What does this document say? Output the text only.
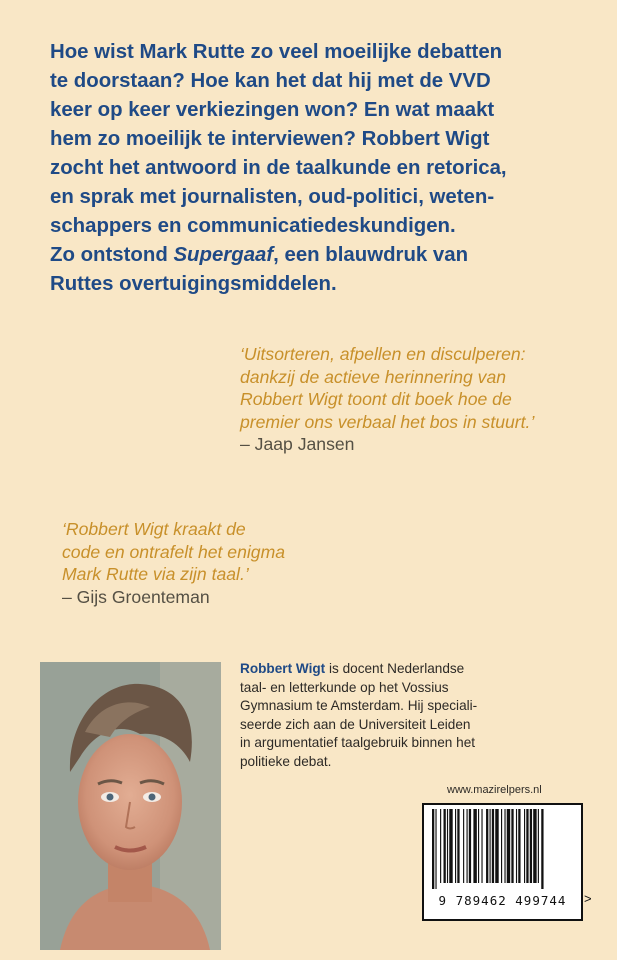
Hoe wist Mark Rutte zo veel moeilijke debatten
te doorstaan? Hoe kan het dat hij met de VVD
keer op keer verkiezingen won? En wat maakt
hem zo moeilijk te interviewen? Robbert Wigt
zocht het antwoord in de taalkunde en retorica,
en sprak met journalisten, oud-politici, weten-
schappers en communicatiedeskundigen.
Zo ontstond Supergaaf, een blauwdruk van
Ruttes overtuigingsmiddelen.
‘Uitsorteren, afpellen en disculperen:
dankzij de actieve herinnering van
Robbert Wigt toont dit boek hoe de
premier ons verbaal het bos in stuurt.’
– Jaap Jansen
‘Robbert Wigt kraakt de
code en ontrafelt het enigma
Mark Rutte via zijn taal.’
– Gijs Groenteman
Robbert Wigt is docent Nederlandse
taal- en letterkunde op het Vossius
Gymnasium te Amsterdam. Hij speciali-
seerde zich aan de Universiteit Leiden
in argumentatief taalgebruik binnen het
politieke debat.
www.mazirelpers.nl
9 789462 499744	>
